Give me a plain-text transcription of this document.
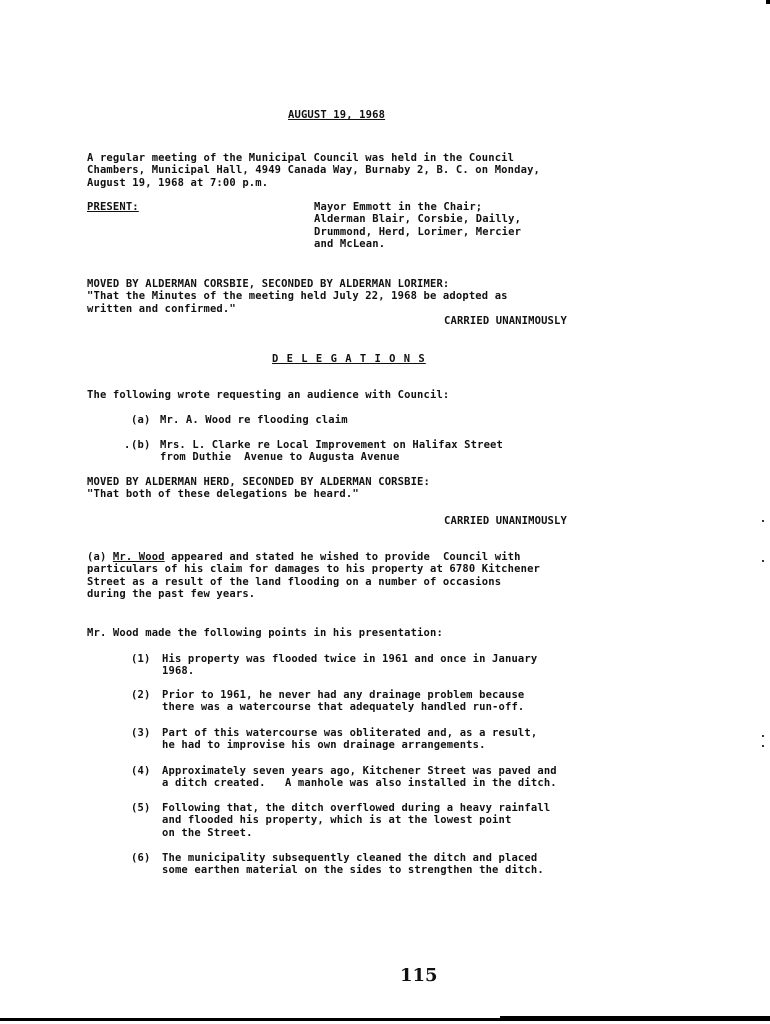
AUGUST 19, 1968
A regular meeting of the Municipal Council was held in the Council
Chambers, Municipal Hall, 4949 Canada Way, Burnaby 2, B. C. on Monday,
August 19, 1968 at 7:00 p.m.
PRESENT:	Mayor Emmott in the Chair;
Alderman Blair, Corsbie, Dailly,
Drummond, Herd, Lorimer, Mercier
and McLean.
MOVED BY ALDERMAN CORSBIE, SECONDED BY ALDERMAN LORIMER:
"That the Minutes of the meeting held July 22, 1968 be adopted as
written and confirmed."
CARRIED UNANIMOUSLY
D E L E G A T I O N S
The following wrote requesting an audience with Council:
(a) Mr. A. Wood re flooding claim
. (b) Mrs. L. Clarke re Local Improvement on Halifax Street
from Duthie  Avenue to Augusta Avenue
MOVED BY ALDERMAN HERD, SECONDED BY ALDERMAN CORSBIE:
"That both of these delegations be heard."
CARRIED UNANIMOUSLY
(a) Mr. Wood appeared and stated he wished to provide  Council with
particulars of his claim for damages to his property at 6780 Kitchener
Street as a result of the land flooding on a number of occasions
during the past few years.
Mr. Wood made the following points in his presentation:
(1) His property was flooded twice in 1961 and once in January
1968.
(2) Prior to 1961, he never had any drainage problem because
there was a watercourse that adequately handled run-off.
(3) Part of this watercourse was obliterated and, as a result,
he had to improvise his own drainage arrangements.
(4) Approximately seven years ago, Kitchener Street was paved and
a ditch created.   A manhole was also installed in the ditch.
(5) Following that, the ditch overflowed during a heavy rainfall
and flooded his property, which is at the lowest point
on the Street.
(6) The municipality subsequently cleaned the ditch and placed
some earthen material on the sides to strengthen the ditch.
115
